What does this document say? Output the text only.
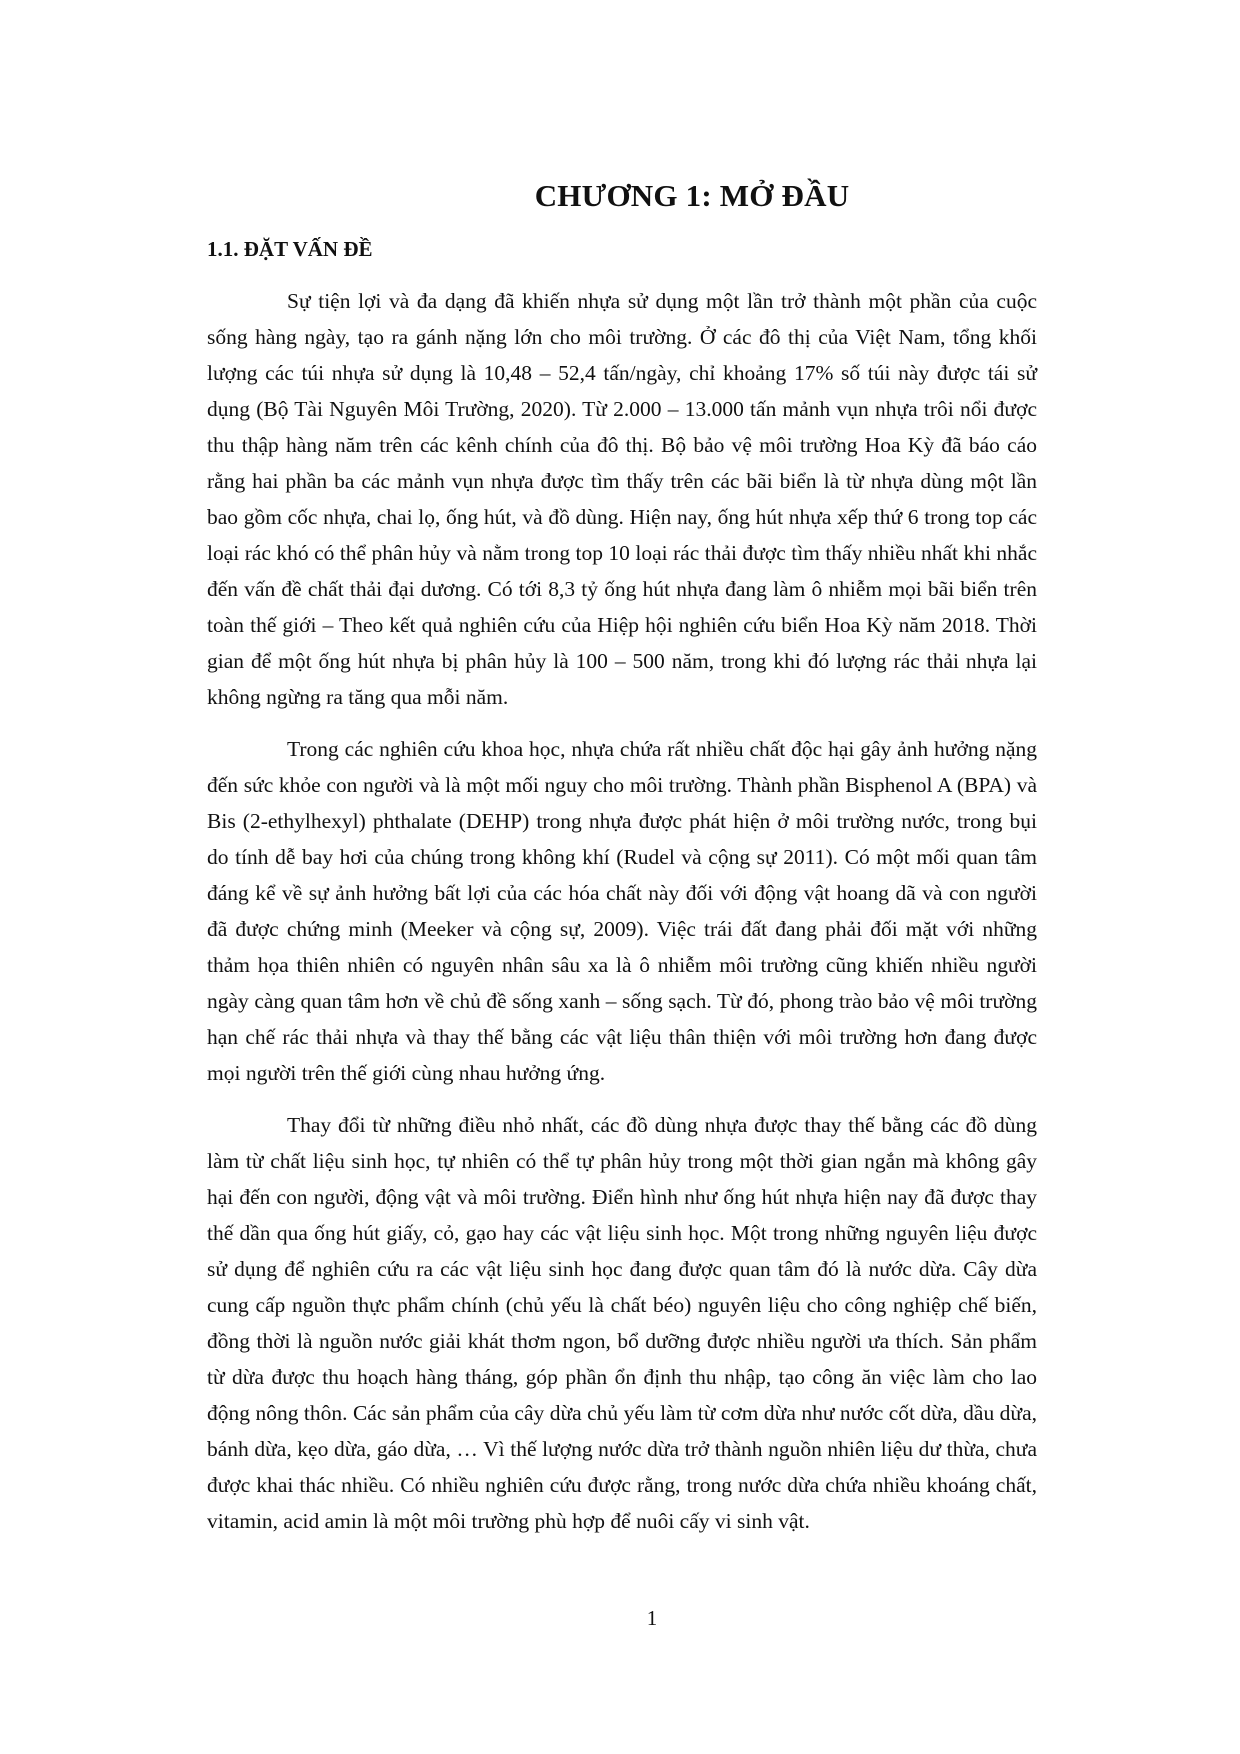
CHƯƠNG 1: MỞ ĐẦU
1.1. ĐẶT VẤN ĐỀ

Sự tiện lợi và đa dạng đã khiến nhựa sử dụng một lần trở thành một phần của cuộc sống hàng ngày, tạo ra gánh nặng lớn cho môi trường. Ở các đô thị của Việt Nam, tổng khối lượng các túi nhựa sử dụng là 10,48 – 52,4 tấn/ngày, chỉ khoảng 17% số túi này được tái sử dụng (Bộ Tài Nguyên Môi Trường, 2020). Từ 2.000 – 13.000 tấn mảnh vụn nhựa trôi nổi được thu thập hàng năm trên các kênh chính của đô thị. Bộ bảo vệ môi trường Hoa Kỳ đã báo cáo rằng hai phần ba các mảnh vụn nhựa được tìm thấy trên các bãi biển là từ nhựa dùng một lần bao gồm cốc nhựa, chai lọ, ống hút, và đồ dùng. Hiện nay, ống hút nhựa xếp thứ 6 trong top các loại rác khó có thể phân hủy và nằm trong top 10 loại rác thải được tìm thấy nhiều nhất khi nhắc đến vấn đề chất thải đại dương. Có tới 8,3 tỷ ống hút nhựa đang làm ô nhiễm mọi bãi biển trên toàn thế giới – Theo kết quả nghiên cứu của Hiệp hội nghiên cứu biển Hoa Kỳ năm 2018. Thời gian để một ống hút nhựa bị phân hủy là 100 – 500 năm, trong khi đó lượng rác thải nhựa lại không ngừng ra tăng qua mỗi năm.

Trong các nghiên cứu khoa học, nhựa chứa rất nhiều chất độc hại gây ảnh hưởng nặng đến sức khỏe con người và là một mối nguy cho môi trường. Thành phần Bisphenol A (BPA) và Bis (2-ethylhexyl) phthalate (DEHP) trong nhựa được phát hiện ở môi trường nước, trong bụi do tính dễ bay hơi của chúng trong không khí (Rudel và cộng sự 2011). Có một mối quan tâm đáng kể về sự ảnh hưởng bất lợi của các hóa chất này đối với động vật hoang dã và con người đã được chứng minh (Meeker và cộng sự, 2009). Việc trái đất đang phải đối mặt với những thảm họa thiên nhiên có nguyên nhân sâu xa là ô nhiễm môi trường cũng khiến nhiều người ngày càng quan tâm hơn về chủ đề sống xanh – sống sạch. Từ đó, phong trào bảo vệ môi trường hạn chế rác thải nhựa và thay thế bằng các vật liệu thân thiện với môi trường hơn đang được mọi người trên thế giới cùng nhau hưởng ứng.

Thay đổi từ những điều nhỏ nhất, các đồ dùng nhựa được thay thế bằng các đồ dùng làm từ chất liệu sinh học, tự nhiên có thể tự phân hủy trong một thời gian ngắn mà không gây hại đến con người, động vật và môi trường. Điển hình như ống hút nhựa hiện nay đã được thay thế dần qua ống hút giấy, cỏ, gạo hay các vật liệu sinh học. Một trong những nguyên liệu được sử dụng để nghiên cứu ra các vật liệu sinh học đang được quan tâm đó là nước dừa. Cây dừa cung cấp nguồn thực phẩm chính (chủ yếu là chất béo) nguyên liệu cho công nghiệp chế biến, đồng thời là nguồn nước giải khát thơm ngon, bổ dưỡng được nhiều người ưa thích. Sản phẩm từ dừa được thu hoạch hàng tháng, góp phần ổn định thu nhập, tạo công ăn việc làm cho lao động nông thôn. Các sản phẩm của cây dừa chủ yếu làm từ cơm dừa như nước cốt dừa, dầu dừa, bánh dừa, kẹo dừa, gáo dừa, … Vì thế lượng nước dừa trở thành nguồn nhiên liệu dư thừa, chưa được khai thác nhiều. Có nhiều nghiên cứu được rằng, trong nước dừa chứa nhiều khoáng chất, vitamin, acid amin là một môi trường phù hợp để nuôi cấy vi sinh vật.

1
